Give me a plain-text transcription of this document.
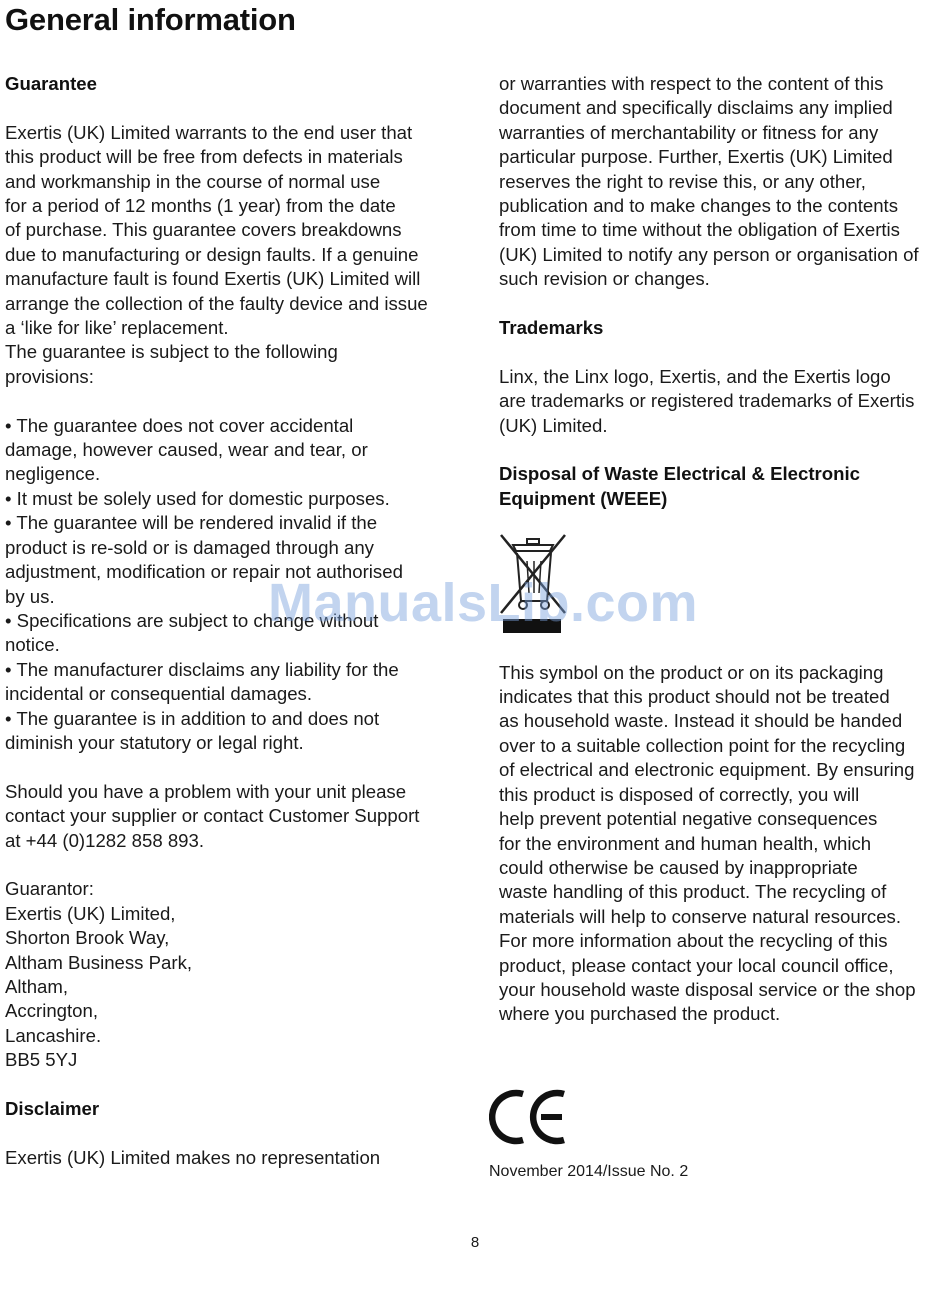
General information
Guarantee

Exertis (UK) Limited warrants to the end user that
this product will be free from defects in materials
and workmanship in the course of normal use
for a period of 12 months (1 year) from the date
of purchase. This guarantee covers breakdowns
due to manufacturing or design faults. If a genuine
manufacture fault is found Exertis (UK) Limited will
arrange the collection of the faulty device and issue
a ‘like for like’ replacement.
The guarantee is subject to the following
provisions:

• The guarantee does not cover accidental
damage, however caused, wear and tear, or
negligence.

• It must be solely used for domestic purposes.

• The guarantee will be rendered invalid if the
product is re-sold or is damaged through any
adjustment, modification or repair not authorised
by us.

• Specifications are subject to change without
notice.

• The manufacturer disclaims any liability for the
incidental or consequential damages.

• The guarantee is in addition to and does not
diminish your statutory or legal right.

Should you have a problem with your unit please
contact your supplier or contact Customer Support
at +44 (0)1282 858 893.

Guarantor:

Exertis (UK) Limited,
Shorton Brook Way,
Altham Business Park,
Altham,
Accrington,
Lancashire.
BB5 5YJ

Disclaimer

Exertis (UK) Limited makes no representation

or warranties with respect to the content of this
document and specifically disclaims any implied
warranties of merchantability or fitness for any
particular purpose. Further, Exertis (UK) Limited
reserves the right to revise this, or any other,
publication and to make changes to the contents
from time to time without the obligation of Exertis
(UK) Limited to notify any person or organisation of
such revision or changes.

Trademarks

Linx, the Linx logo, Exertis, and the Exertis logo
are trademarks or registered trademarks of Exertis
(UK) Limited.

Disposal of Waste Electrical & Electronic
Equipment (WEEE)

This symbol on the product or on its packaging
indicates that this product should not be treated
as household waste. Instead it should be handed
over to a suitable collection point for the recycling
of electrical and electronic equipment. By ensuring
this product is disposed of correctly, you will
help prevent potential negative consequences
for the environment and human health, which
could otherwise be caused by inappropriate
waste handling of this product. The recycling of
materials will help to conserve natural resources.
For more information about the recycling of this
product, please contact your local council office,
your household waste disposal service or the shop
where you purchased the product.

November 2014/Issue No. 2
8
ManualsLib.com
